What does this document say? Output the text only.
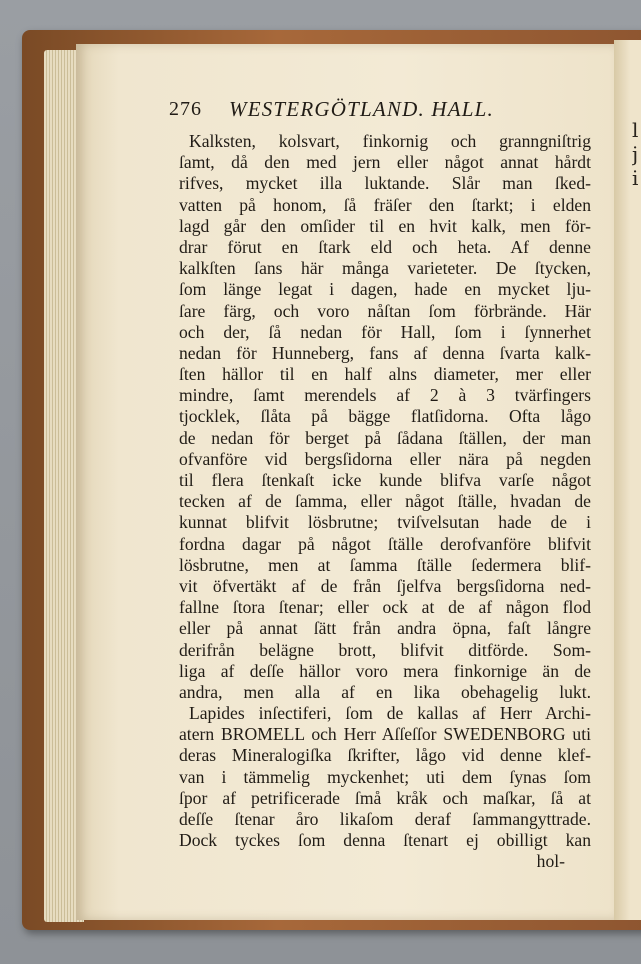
l
j
i
276 WESTERGÖTLAND. HALL.
Kalksten, kolsvart, finkornig och granngniſtrig
ſamt, då den med jern eller något annat hårdt
rifves, mycket illa luktande. Slår man ſked-
vatten på honom, ſå fräſer den ſtarkt; i elden
lagd går den omſider til en hvit kalk, men för-
drar förut en ſtark eld och heta. Af denne
kalkſten ſans här många varieteter. De ſtycken,
ſom länge legat i dagen, hade en mycket lju-
ſare färg, och voro nåſtan ſom förbrände. Här
och der, ſå nedan för Hall, ſom i ſynnerhet
nedan för Hunneberg, fans af denna ſvarta kalk-
ſten hällor til en half alns diameter, mer eller
mindre, ſamt merendels af 2 à 3 tvärfingers
tjocklek, ſlåta på bägge flatſidorna. Ofta lågo
de nedan för berget på ſådana ſtällen, der man
ofvanföre vid bergsſidorna eller nära på negden
til flera ſtenkaſt icke kunde blifva varſe något
tecken af de ſamma, eller något ſtälle, hvadan de
kunnat blifvit lösbrutne; tviſvelsutan hade de i
fordna dagar på något ſtälle derofvanföre blifvit
lösbrutne, men at ſamma ſtälle ſedermera blif-
vit öfvertäkt af de från ſjelfva bergsſidorna ned-
fallne ſtora ſtenar; eller ock at de af någon flod
eller på annat ſätt från andra öpna, faſt långre
derifrån belägne brott, blifvit ditförde. Som-
liga af deſſe hällor voro mera finkornige än de
andra, men alla af en lika obehagelig lukt.
Lapides inſectiferi, ſom de kallas af Herr Archi-
atern BROMELL och Herr Aſſeſſor SWEDENBORG uti
deras Mineralogiſka ſkrifter, lågo vid denne klef-
van i tämmelig myckenhet; uti dem ſynas ſom
ſpor af petrificerade ſmå kråk och maſkar, ſå at
deſſe ſtenar åro likaſom deraf ſammangyttrade.
Dock tyckes ſom denna ſtenart ej obilligt kan
hol-
